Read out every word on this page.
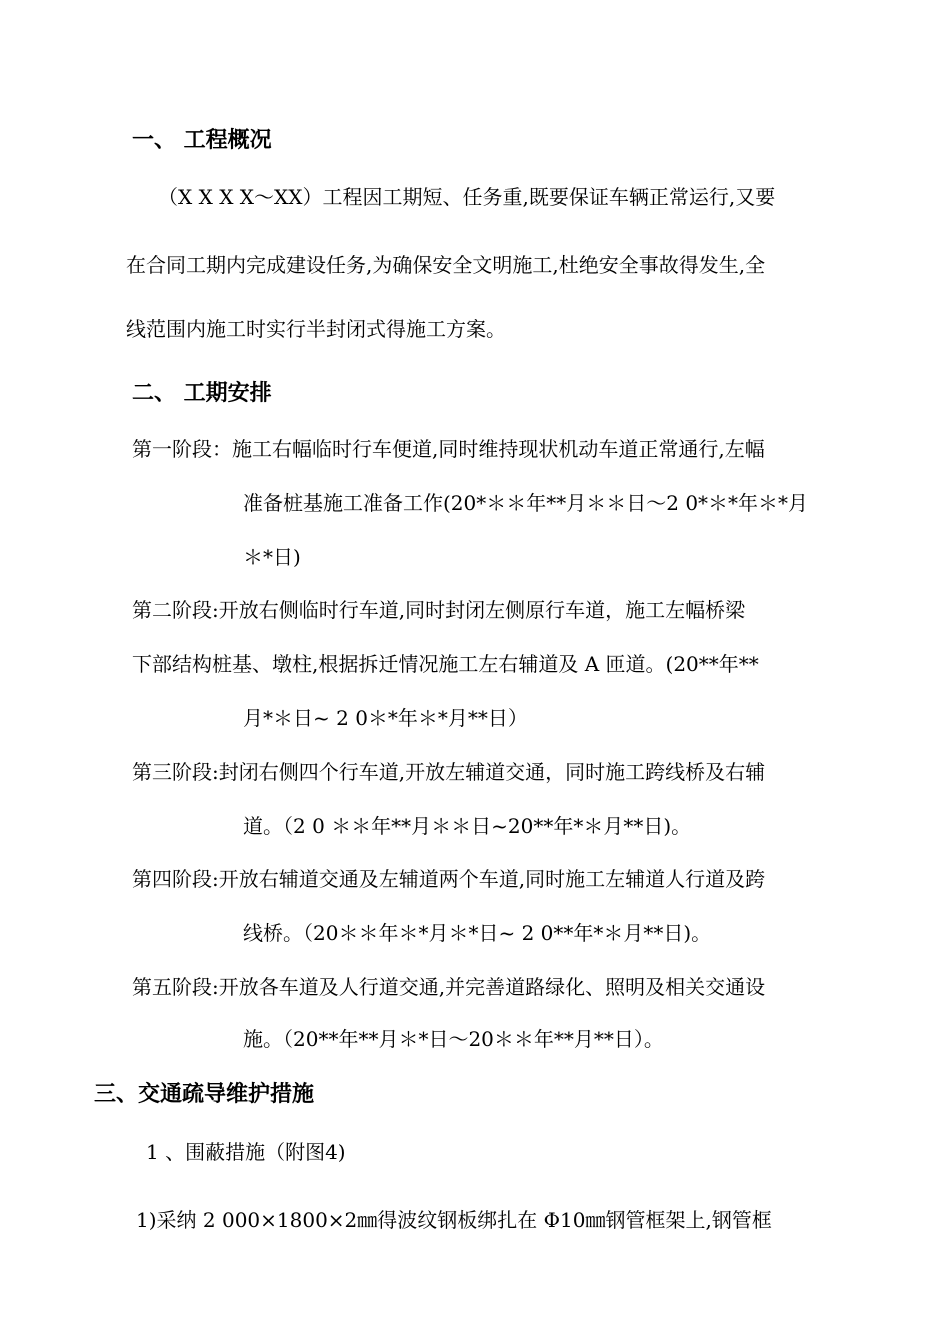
一、 工程概况
（X X X X～XX）工程因工期短、任务重,既要保证车辆正常运行,又要
在合同工期内完成建设任务,为确保安全文明施工,杜绝安全事故得发生,全
线范围内施工时实行半封闭式得施工方案。
二、 工期安排
第一阶段：施工右幅临时行车便道,同时维持现状机动车道正常通行,左幅
准备桩基施工准备工作(20*＊＊年**月＊＊日～2 0*＊*年＊*月
＊*日)
第二阶段:开放右侧临时行车道,同时封闭左侧原行车道，施工左幅桥梁
下部结构桩基、墩柱,根据拆迁情况施工左右辅道及 A 匝道。(20**年**
月*＊日~ 2 0＊*年＊*月**日）
第三阶段:封闭右侧四个行车道,开放左辅道交通，同时施工跨线桥及右辅
道。（2 0 ＊＊年**月＊＊日~20**年*＊月**日)。
第四阶段:开放右辅道交通及左辅道两个车道,同时施工左辅道人行道及跨
线桥。（20＊＊年＊*月＊*日~ 2 0**年*＊月**日)。
第五阶段:开放各车道及人行道交通,并完善道路绿化、照明及相关交通设
施。（20**年**月＊*日～20＊＊年**月**日）。
三、交通疏导维护措施
1 、围蔽措施（附图4)
1)采纳 2 000×1800×2㎜得波纹钢板绑扎在 Φ10㎜钢管框架上,钢管框
